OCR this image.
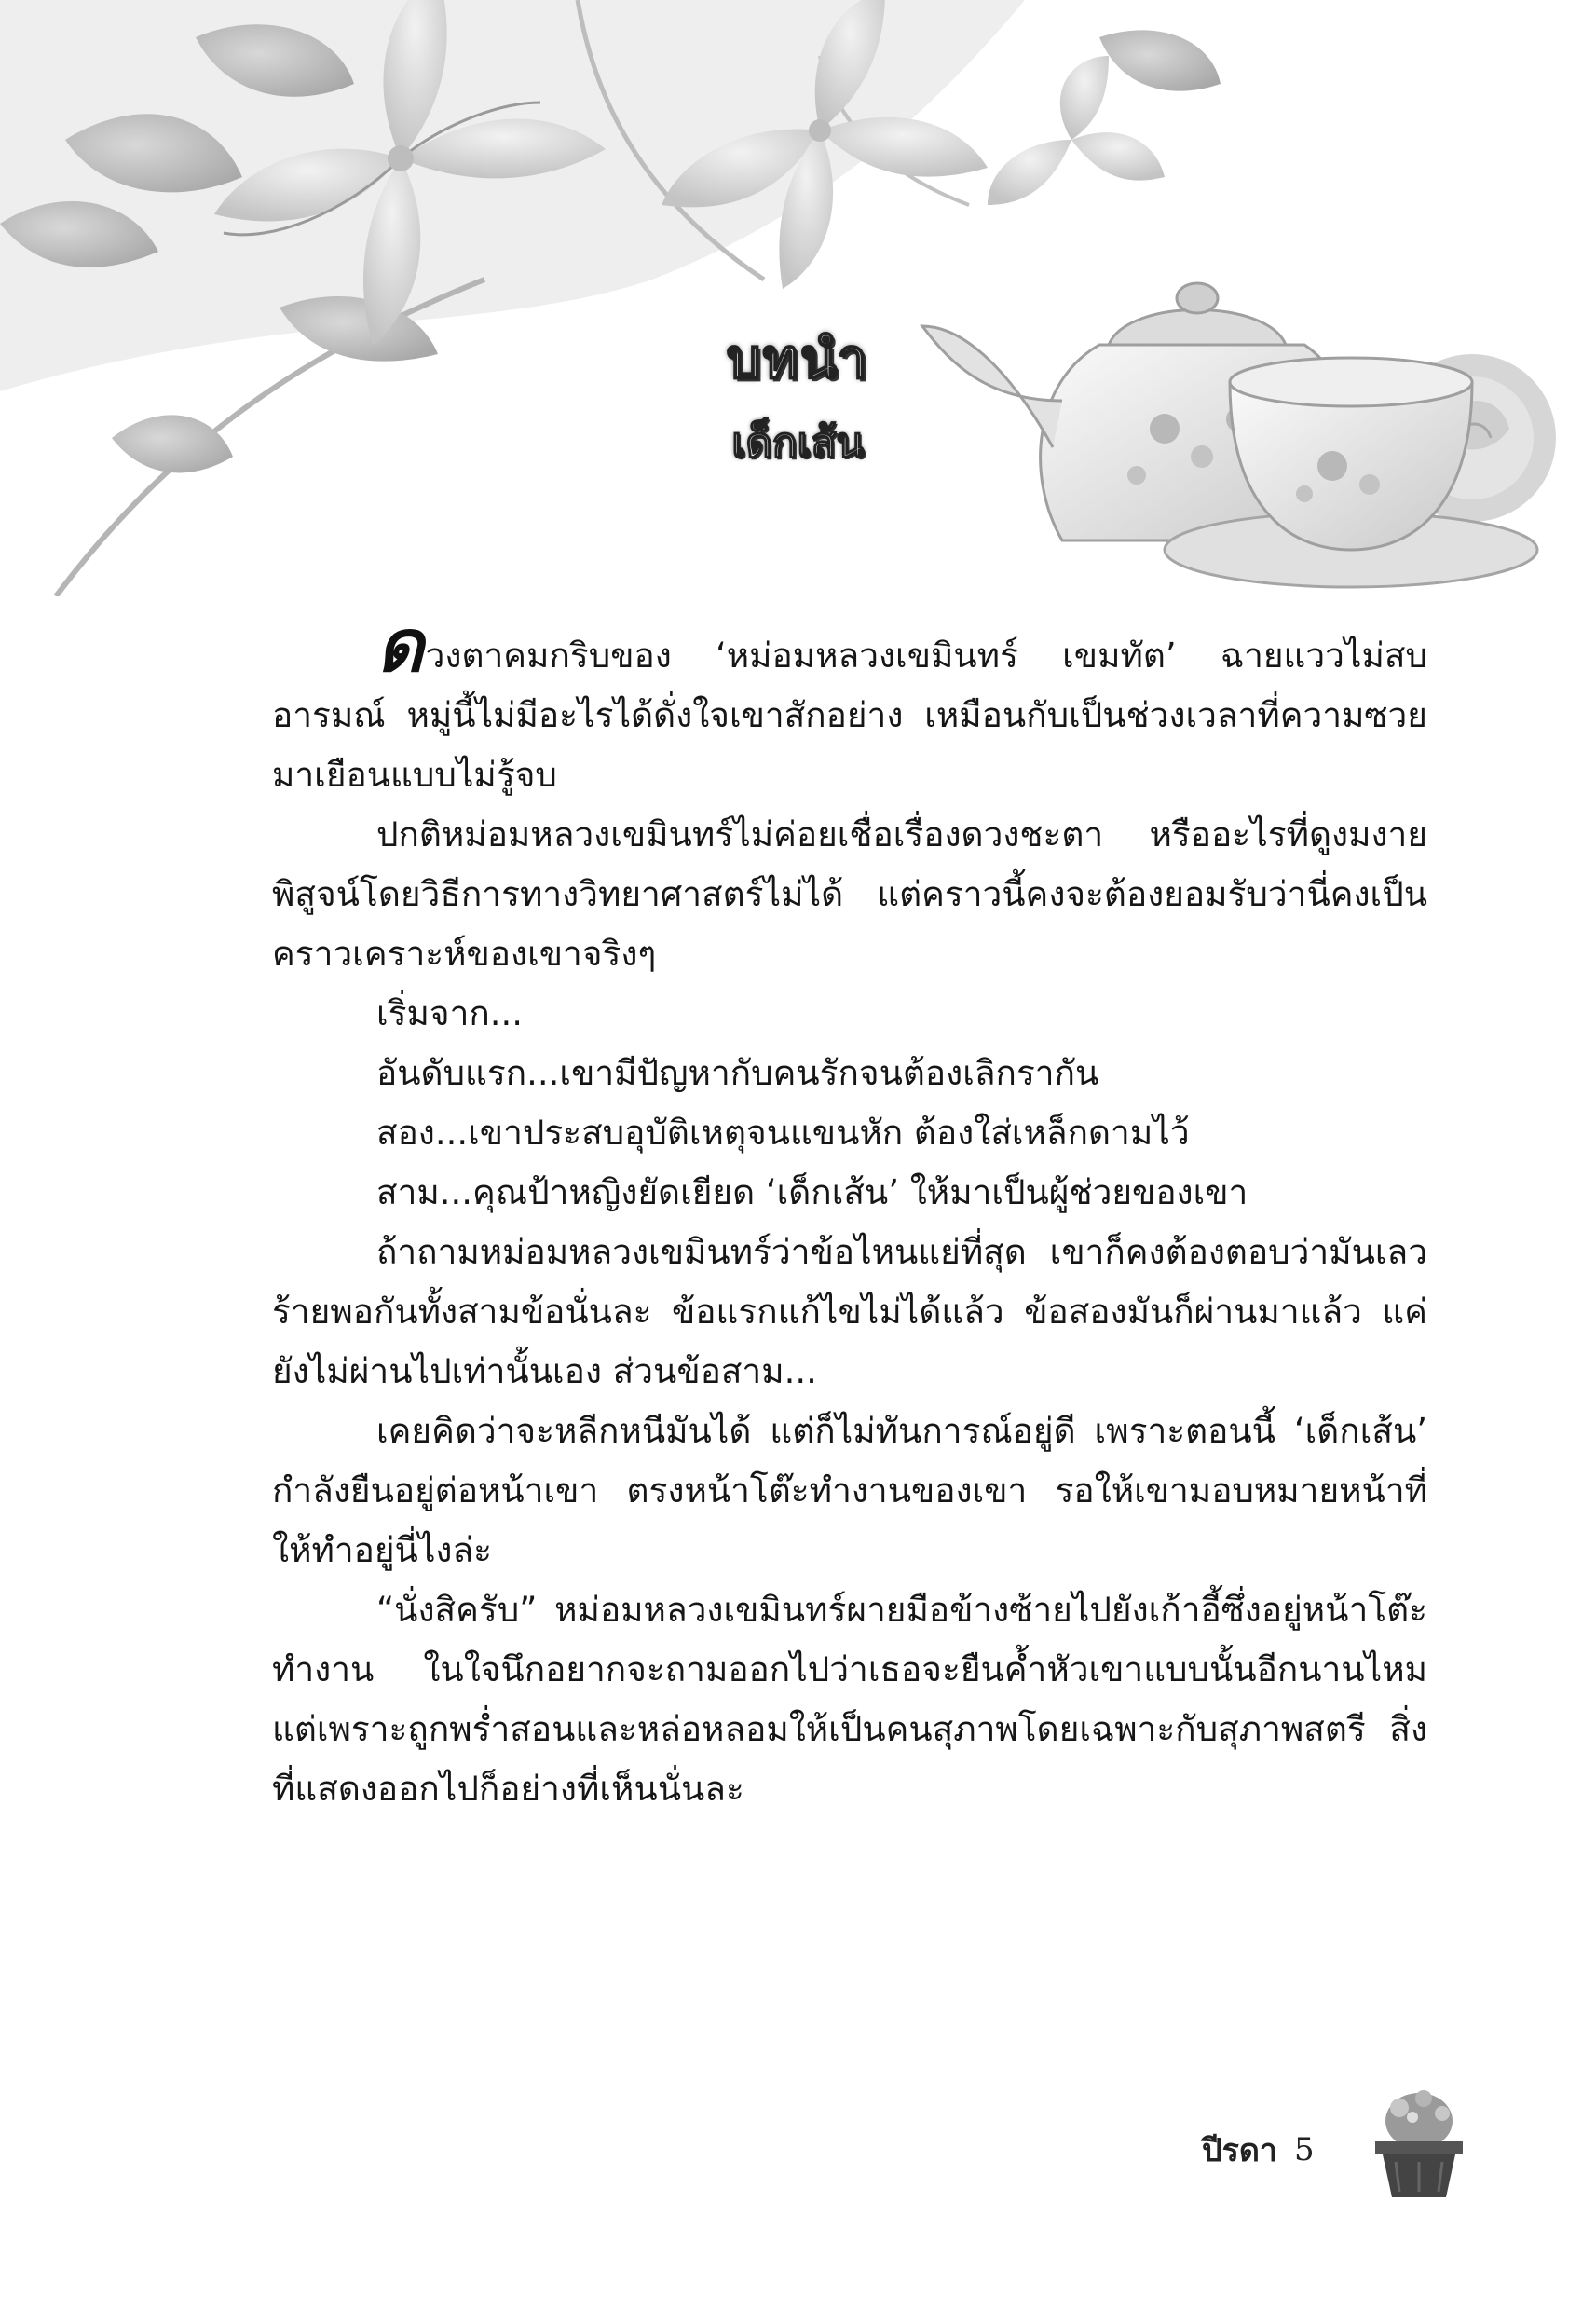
บทนำ
เด็กเส้น

ดวงตาคมกริบของ ‘หม่อมหลวงเขมินทร์ เขมทัต’ ฉายแววไม่สบอารมณ์ หมู่นี้ไม่มีอะไรได้ดั่งใจเขาสักอย่าง เหมือนกับเป็นช่วงเวลาที่ความซวยมาเยือนแบบไม่รู้จบ

ปกติหม่อมหลวงเขมินทร์ไม่ค่อยเชื่อเรื่องดวงชะตา หรืออะไรที่ดูงมงายพิสูจน์โดยวิธีการทางวิทยาศาสตร์ไม่ได้ แต่คราวนี้คงจะต้องยอมรับว่านี่คงเป็นคราวเคราะห์ของเขาจริงๆ

เริ่มจาก...

อันดับแรก...เขามีปัญหากับคนรักจนต้องเลิกรากัน

สอง...เขาประสบอุบัติเหตุจนแขนหัก ต้องใส่เหล็กดามไว้

สาม...คุณป้าหญิงยัดเยียด ‘เด็กเส้น’ ให้มาเป็นผู้ช่วยของเขา

ถ้าถามหม่อมหลวงเขมินทร์ว่าข้อไหนแย่ที่สุด เขาก็คงต้องตอบว่ามันเลวร้ายพอกันทั้งสามข้อนั่นละ ข้อแรกแก้ไขไม่ได้แล้ว ข้อสองมันก็ผ่านมาแล้ว แค่ยังไม่ผ่านไปเท่านั้นเอง ส่วนข้อสาม...

เคยคิดว่าจะหลีกหนีมันได้ แต่ก็ไม่ทันการณ์อยู่ดี เพราะตอนนี้ ‘เด็กเส้น’ กำลังยืนอยู่ต่อหน้าเขา ตรงหน้าโต๊ะทำงานของเขา รอให้เขามอบหมายหน้าที่ให้ทำอยู่นี่ไงล่ะ

“นั่งสิครับ” หม่อมหลวงเขมินทร์ผายมือข้างซ้ายไปยังเก้าอี้ซึ่งอยู่หน้าโต๊ะทำงาน ในใจนึกอยากจะถามออกไปว่าเธอจะยืนค้ำหัวเขาแบบนั้นอีกนานไหม แต่เพราะถูกพร่ำสอนและหล่อหลอมให้เป็นคนสุภาพโดยเฉพาะกับสุภาพสตรี สิ่งที่แสดงออกไปก็อย่างที่เห็นนั่นละ

ปีรดา 5
